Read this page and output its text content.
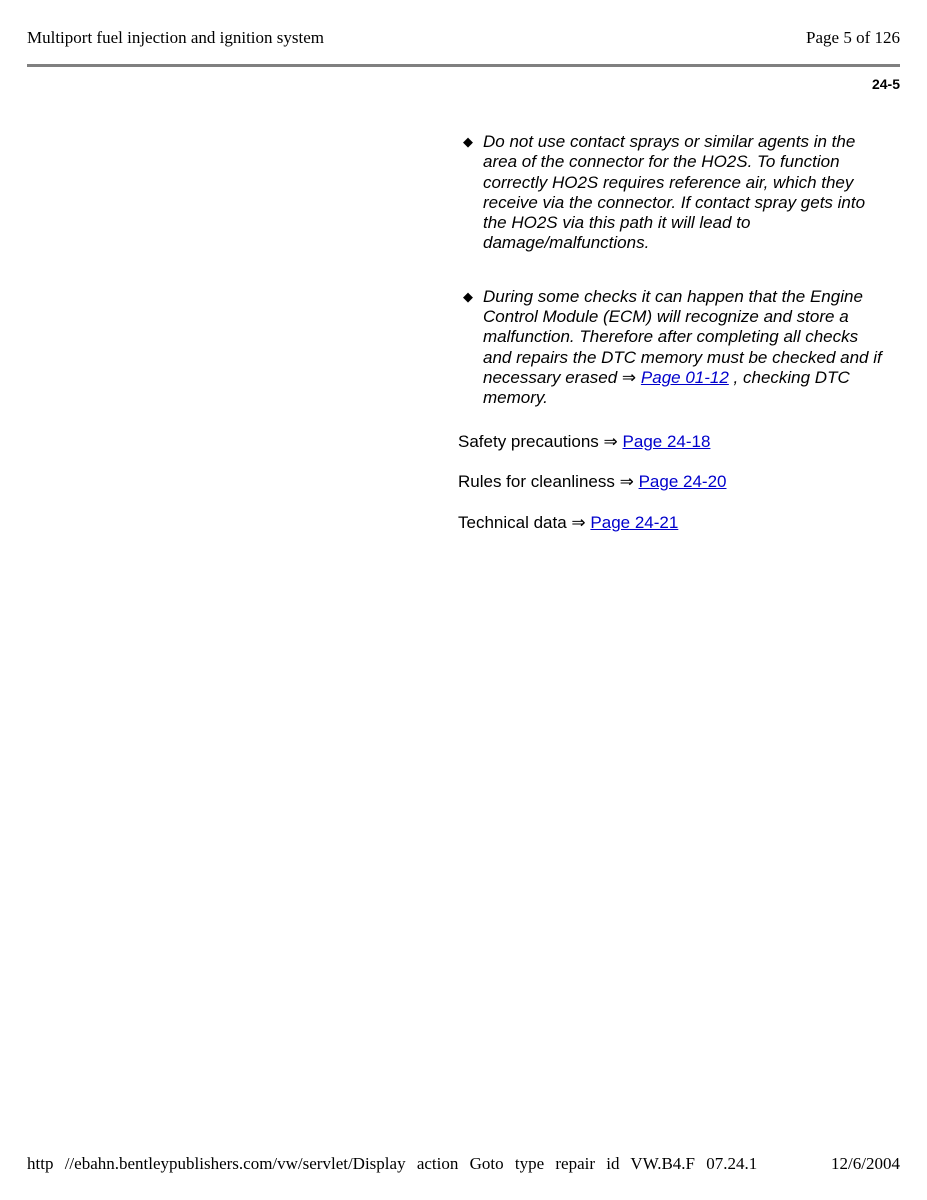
Multiport fuel injection and ignition system	Page 5 of 126
24-5
◆ Do not use contact sprays or similar agents in the area of the connector for the HO2S. To function correctly HO2S requires reference air, which they receive via the connector. If contact spray gets into the HO2S via this path it will lead to damage/malfunctions.
◆ During some checks it can happen that the Engine Control Module (ECM) will recognize and store a malfunction. Therefore after completing all checks and repairs the DTC memory must be checked and if necessary erased ⇒ Page 01-12 , checking DTC memory.
Safety precautions ⇒ Page 24-18
Rules for cleanliness ⇒ Page 24-20
Technical data ⇒ Page 24-21
http //ebahn.bentleypublishers.com/vw/servlet/Display action Goto type repair id VW.B4.F 07.24.1	12/6/2004
